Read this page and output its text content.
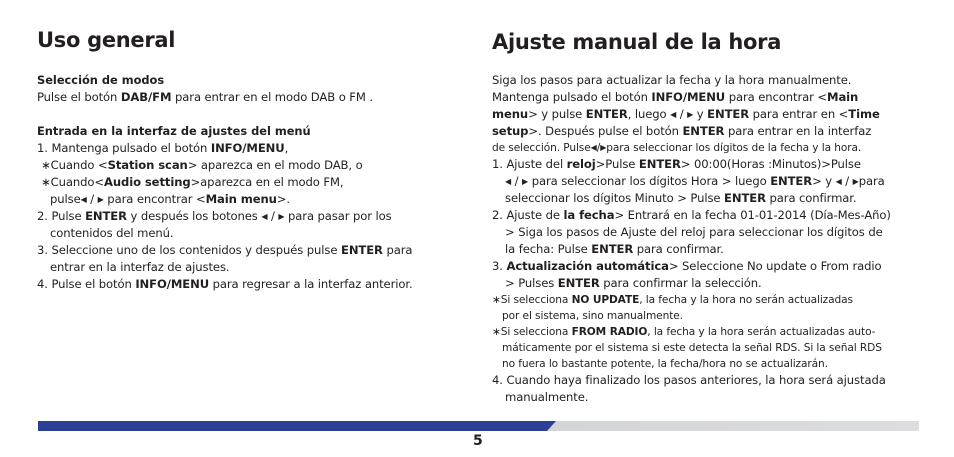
Uso general
Selección de modos
Pulse el botón DAB/FM para entrar en el modo DAB o FM .
Entrada en la interfaz de ajustes del menú
1. Mantenga pulsado el botón INFO/MENU,
∗Cuando <Station scan> aparezca en el modo DAB, o
∗Cuando<Audio setting>aparezca en el modo FM,
pulse◀ / ▶ para encontrar <Main menu>.
2. Pulse ENTER y después los botones ◀ / ▶ para pasar por los
contenidos del menú.
3. Seleccione uno de los contenidos y después pulse ENTER para
entrar en la interfaz de ajustes.
4. Pulse el botón INFO/MENU para regresar a la interfaz anterior.
Ajuste manual de la hora
Siga los pasos para actualizar la fecha y la hora manualmente.
Mantenga pulsado el botón INFO/MENU para encontrar <Main
menu> y pulse ENTER, luego ◀ / ▶ y ENTER para entrar en <Time
setup>. Después pulse el botón ENTER para entrar en la interfaz
de selección. Pulse◀/▶para seleccionar los dígitos de la fecha y la hora.
1. Ajuste del reloj>Pulse ENTER> 00:00(Horas :Minutos)>Pulse
◀ / ▶ para seleccionar los dígitos Hora > luego ENTER> y ◀ / ▶para
seleccionar los dígitos Minuto > Pulse ENTER para confirmar.
2. Ajuste de la fecha> Entrará en la fecha 01-01-2014 (Día-Mes-Año)
> Siga los pasos de Ajuste del reloj para seleccionar los dígitos de
la fecha: Pulse ENTER para confirmar.
3. Actualización automática> Seleccione No update o From radio
> Pulses ENTER para confirmar la selección.
∗Si selecciona NO UPDATE, la fecha y la hora no serán actualizadas
por el sistema, sino manualmente.
∗Si selecciona FROM RADIO, la fecha y la hora serán actualizadas auto-
máticamente por el sistema si este detecta la señal RDS. Si la señal RDS
no fuera lo bastante potente, la fecha/hora no se actualizarán.
4. Cuando haya finalizado los pasos anteriores, la hora será ajustada
manualmente.
5
